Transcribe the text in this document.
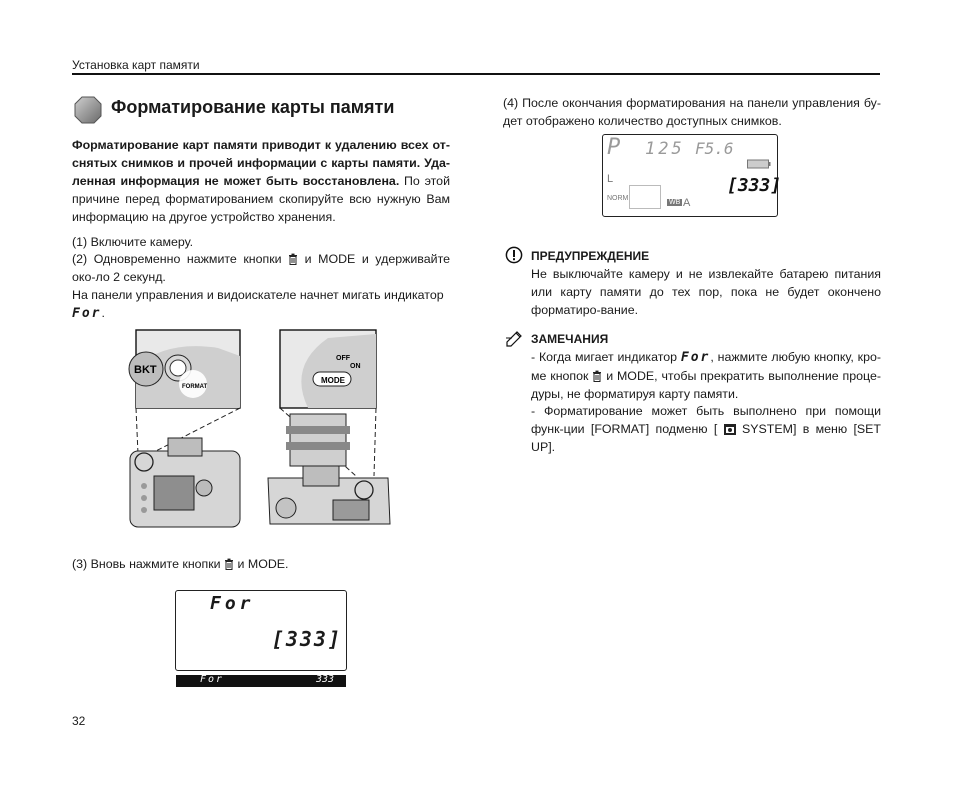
Установка карт памяти
Форматирование карты памяти
Форматирование карт памяти приводит к удалению всех от-снятых снимков и прочей информации с карты памяти. Уда-ленная информация не может быть восстановлена. По этой причине перед форматированием скопируйте всю нужную Вам информацию на другое устройство хранения.
(1) Включите камеру.
(2) Одновременно нажмите кнопки и MODE и удерживайте око-ло 2 секунд.
На панели управления и видоискателе начнет мигать индикатор
For.
BKT
FORMAT
MODE
OFF
ON
(3) Вновь нажмите кнопки и MODE.
For
[333]
For	333
(4) После окончания форматирования на панели управления бу-дет отображено количество доступных снимков.
P 125 F5.6
L
NORM
WB A
[333]
ПРЕДУПРЕЖДЕНИЕ
Не выключайте камеру и не извлекайте батарею питания или карту памяти до тех пор, пока не будет окончено форматиро-вание.
ЗАМЕЧАНИЯ
- Когда мигает индикатор For, нажмите любую кнопку, кро-ме кнопок и MODE, чтобы прекратить выполнение проце-дуры, не форматируя карту памяти.
- Форматирование может быть выполнено при помощи функ-ции [FORMAT] подменю [ SYSTEM] в меню [SET UP].
32
